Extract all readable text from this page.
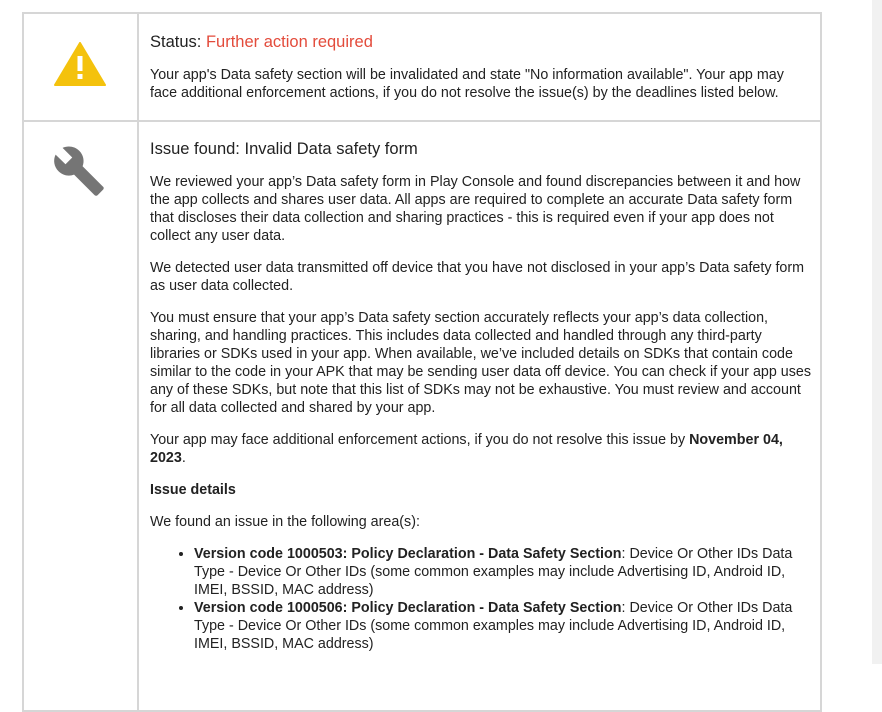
Status: Further action required

Your app's Data safety section will be invalidated and state "No information available". Your app may face additional enforcement actions, if you do not resolve the issue(s) by the deadlines listed below.

Issue found: Invalid Data safety form

We reviewed your app’s Data safety form in Play Console and found discrepancies between it and how the app collects and shares user data. All apps are required to complete an accurate Data safety form that discloses their data collection and sharing practices - this is required even if your app does not collect any user data.

We detected user data transmitted off device that you have not disclosed in your app’s Data safety form as user data collected.

You must ensure that your app’s Data safety section accurately reflects your app’s data collection, sharing, and handling practices. This includes data collected and handled through any third-party libraries or SDKs used in your app. When available, we’ve included details on SDKs that contain code similar to the code in your APK that may be sending user data off device. You can check if your app uses any of these SDKs, but note that this list of SDKs may not be exhaustive. You must review and account for all data collected and shared by your app.

Your app may face additional enforcement actions, if you do not resolve this issue by November 04, 2023.

Issue details

We found an issue in the following area(s):

• Version code 1000503: Policy Declaration - Data Safety Section: Device Or Other IDs Data Type - Device Or Other IDs (some common examples may include Advertising ID, Android ID, IMEI, BSSID, MAC address)
• Version code 1000506: Policy Declaration - Data Safety Section: Device Or Other IDs Data Type - Device Or Other IDs (some common examples may include Advertising ID, Android ID, IMEI, BSSID, MAC address)
